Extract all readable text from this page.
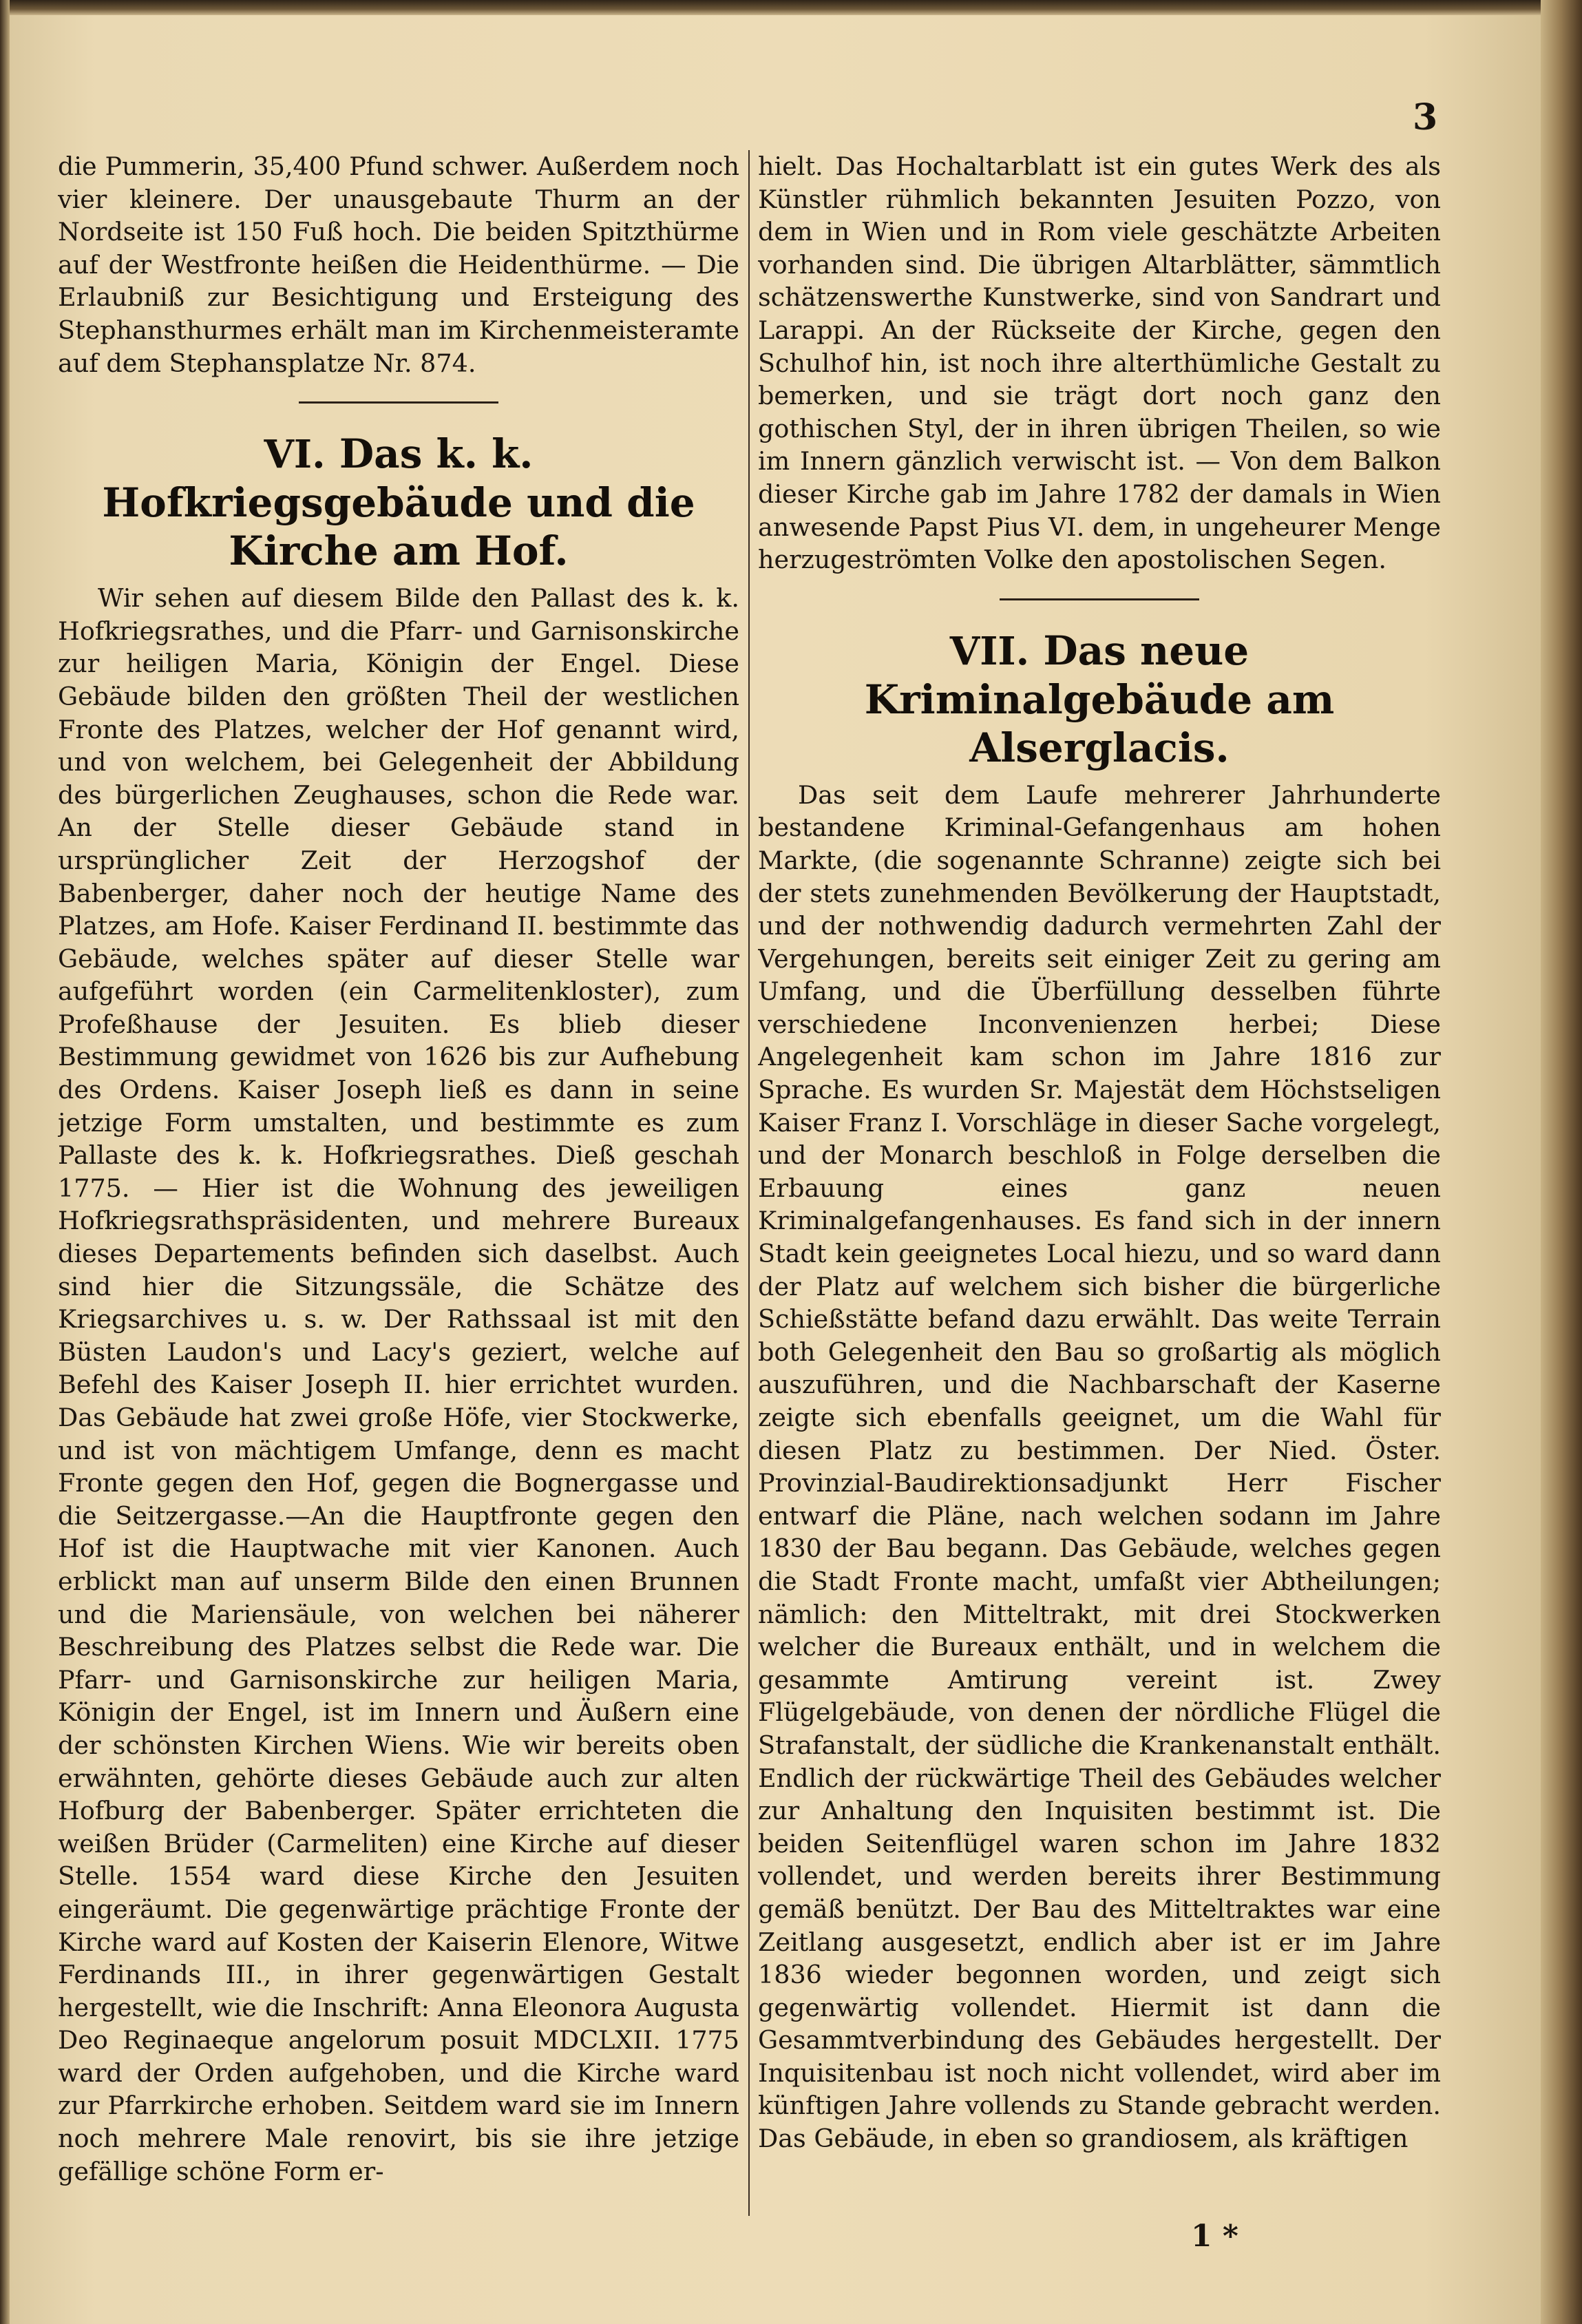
3

die Pummerin, 35,400 Pfund schwer. Außerdem noch vier kleinere. Der unausgebaute Thurm an der Nordseite ist 150 Fuß hoch. Die beiden Spitzthürme auf der Westfronte heißen die Heidenthürme. — Die Erlaubniß zur Besichtigung und Ersteigung des Stephansthurmes erhält man im Kirchenmeisteramte auf dem Stephansplatze Nr. 874.

VI. Das k. k. Hofkriegsgebäude und die Kirche am Hof.

Wir sehen auf diesem Bilde den Pallast des k. k. Hofkriegsrathes, und die Pfarr- und Garnisonskirche zur heiligen Maria, Königin der Engel. Diese Gebäude bilden den größten Theil der westlichen Fronte des Platzes, welcher der Hof genannt wird, und von welchem, bei Gelegenheit der Abbildung des bürgerlichen Zeughauses, schon die Rede war. An der Stelle dieser Gebäude stand in ursprünglicher Zeit der Herzogshof der Babenberger, daher noch der heutige Name des Platzes, am Hofe. Kaiser Ferdinand II. bestimmte das Gebäude, welches später auf dieser Stelle war aufgeführt worden (ein Carmelitenkloster), zum Profeßhause der Jesuiten. Es blieb dieser Bestimmung gewidmet von 1626 bis zur Aufhebung des Ordens. Kaiser Joseph ließ es dann in seine jetzige Form umstalten, und bestimmte es zum Pallaste des k. k. Hofkriegsrathes. Dieß geschah 1775. — Hier ist die Wohnung des jeweiligen Hofkriegsrathspräsidenten, und mehrere Bureaux dieses Departements befinden sich daselbst. Auch sind hier die Sitzungssäle, die Schätze des Kriegsarchives u. s. w. Der Rathssaal ist mit den Büsten Laudon's und Lacy's geziert, welche auf Befehl des Kaiser Joseph II. hier errichtet wurden. Das Gebäude hat zwei große Höfe, vier Stockwerke, und ist von mächtigem Umfange, denn es macht Fronte gegen den Hof, gegen die Bognergasse und die Seitzergasse.—An die Hauptfronte gegen den Hof ist die Hauptwache mit vier Kanonen. Auch erblickt man auf unserm Bilde den einen Brunnen und die Mariensäule, von welchen bei näherer Beschreibung des Platzes selbst die Rede war. Die Pfarr- und Garnisonskirche zur heiligen Maria, Königin der Engel, ist im Innern und Äußern eine der schönsten Kirchen Wiens. Wie wir bereits oben erwähnten, gehörte dieses Gebäude auch zur alten Hofburg der Babenberger. Später errichteten die weißen Brüder (Carmeliten) eine Kirche auf dieser Stelle. 1554 ward diese Kirche den Jesuiten eingeräumt. Die gegenwärtige prächtige Fronte der Kirche ward auf Kosten der Kaiserin Elenore, Witwe Ferdinands III., in ihrer gegenwärtigen Gestalt hergestellt, wie die Inschrift: Anna Eleonora Augusta Deo Reginaeque angelorum posuit MDCLXII. 1775 ward der Orden aufgehoben, und die Kirche ward zur Pfarrkirche erhoben. Seitdem ward sie im Innern noch mehrere Male renovirt, bis sie ihre jetzige gefällige schöne Form er-

hielt. Das Hochaltarblatt ist ein gutes Werk des als Künstler rühmlich bekannten Jesuiten Pozzo, von dem in Wien und in Rom viele geschätzte Arbeiten vorhanden sind. Die übrigen Altarblätter, sämmtlich schätzenswerthe Kunstwerke, sind von Sandrart und Larappi. An der Rückseite der Kirche, gegen den Schulhof hin, ist noch ihre alterthümliche Gestalt zu bemerken, und sie trägt dort noch ganz den gothischen Styl, der in ihren übrigen Theilen, so wie im Innern gänzlich verwischt ist. — Von dem Balkon dieser Kirche gab im Jahre 1782 der damals in Wien anwesende Papst Pius VI. dem, in ungeheurer Menge herzugeströmten Volke den apostolischen Segen.

VII. Das neue Kriminalgebäude am Alserglacis.

Das seit dem Laufe mehrerer Jahrhunderte bestandene Kriminal-Gefangenhaus am hohen Markte, (die sogenannte Schranne) zeigte sich bei der stets zunehmenden Bevölkerung der Hauptstadt, und der nothwendig dadurch vermehrten Zahl der Vergehungen, bereits seit einiger Zeit zu gering am Umfang, und die Überfüllung desselben führte verschiedene Inconvenienzen herbei; Diese Angelegenheit kam schon im Jahre 1816 zur Sprache. Es wurden Sr. Majestät dem Höchstseligen Kaiser Franz I. Vorschläge in dieser Sache vorgelegt, und der Monarch beschloß in Folge derselben die Erbauung eines ganz neuen Kriminalgefangenhauses. Es fand sich in der innern Stadt kein geeignetes Local hiezu, und so ward dann der Platz auf welchem sich bisher die bürgerliche Schießstätte befand dazu erwählt. Das weite Terrain both Gelegenheit den Bau so großartig als möglich auszuführen, und die Nachbarschaft der Kaserne zeigte sich ebenfalls geeignet, um die Wahl für diesen Platz zu bestimmen. Der Nied. Öster. Provinzial-Baudirektionsadjunkt Herr Fischer entwarf die Pläne, nach welchen sodann im Jahre 1830 der Bau begann. Das Gebäude, welches gegen die Stadt Fronte macht, umfaßt vier Abtheilungen; nämlich: den Mitteltrakt, mit drei Stockwerken welcher die Bureaux enthält, und in welchem die gesammte Amtirung vereint ist. Zwey Flügelgebäude, von denen der nördliche Flügel die Strafanstalt, der südliche die Krankenanstalt enthält. Endlich der rückwärtige Theil des Gebäudes welcher zur Anhaltung den Inquisiten bestimmt ist. Die beiden Seitenflügel waren schon im Jahre 1832 vollendet, und werden bereits ihrer Bestimmung gemäß benützt. Der Bau des Mitteltraktes war eine Zeitlang ausgesetzt, endlich aber ist er im Jahre 1836 wieder begonnen worden, und zeigt sich gegenwärtig vollendet. Hiermit ist dann die Gesammtverbindung des Gebäudes hergestellt. Der Inquisitenbau ist noch nicht vollendet, wird aber im künftigen Jahre vollends zu Stande gebracht werden. Das Gebäude, in eben so grandiosem, als kräftigen

1 *
